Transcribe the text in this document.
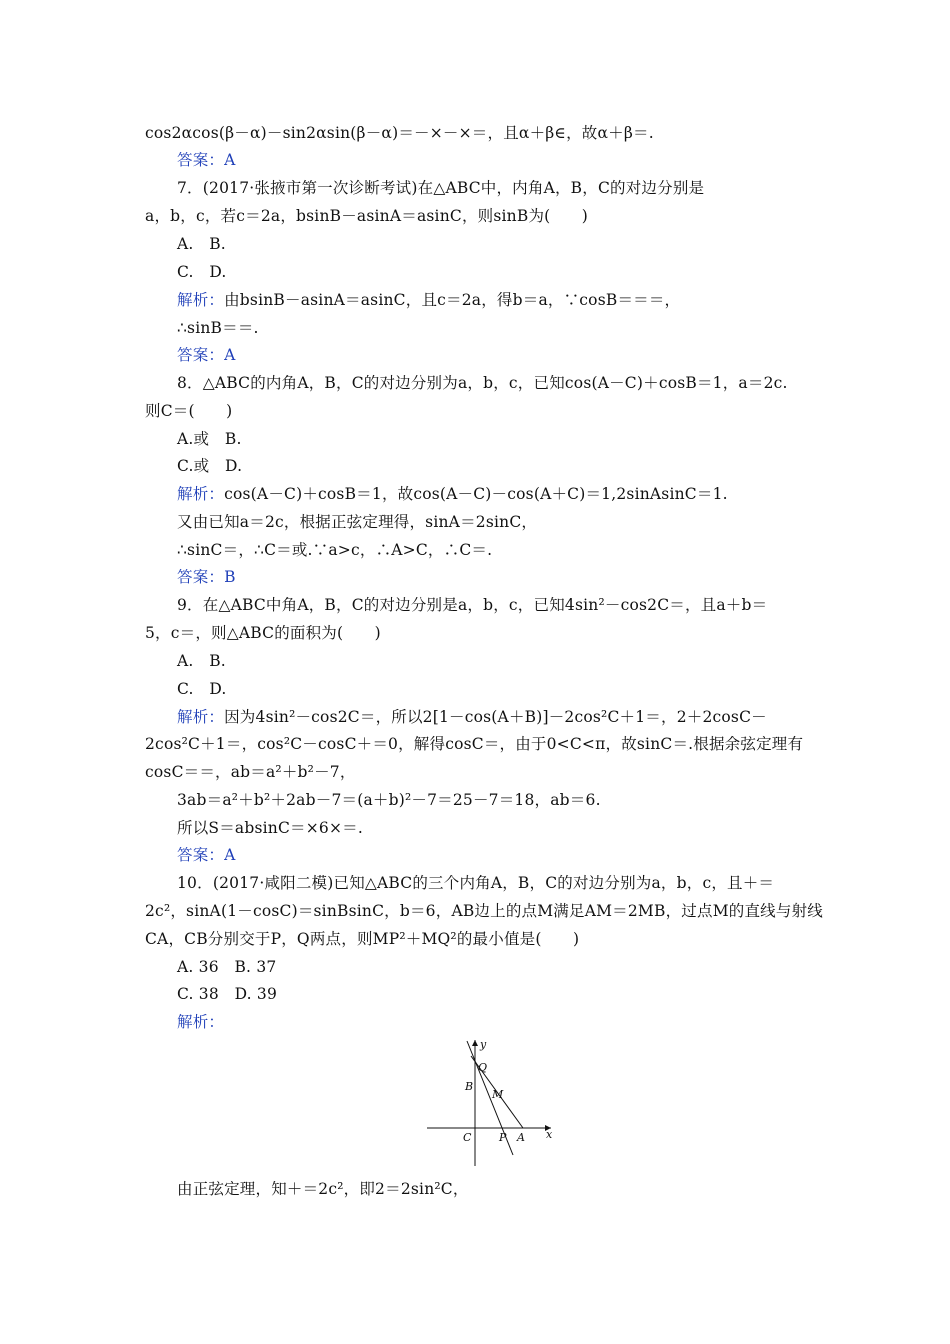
cos2αcos(β－α)－sin2αsin(β－α)＝－×－×＝，且α＋β∈，故α＋β＝.
答案：A
7．(2017·张掖市第一次诊断考试)在△ABC中，内角A，B，C的对边分别是
a，b，c，若c＝2a，bsinB－asinA＝asinC，则sinB为(　　)
A.　B.
C.　D.
解析：由bsinB－asinA＝asinC，且c＝2a，得b＝a，∵cosB＝＝＝，
∴sinB＝＝.
答案：A
8．△ABC的内角A，B，C的对边分别为a，b，c，已知cos(A－C)＋cosB＝1，a＝2c.
则C＝(　　)
A.或　B.
C.或　D.
解析：cos(A－C)＋cosB＝1，故cos(A－C)－cos(A＋C)＝1,2sinAsinC＝1.
又由已知a＝2c，根据正弦定理得，sinA＝2sinC，
∴sinC＝，∴C＝或.∵a>c，∴A>C，∴C＝.
答案：B
9．在△ABC中角A，B，C的对边分别是a，b，c，已知4sin²－cos2C＝，且a＋b＝
5，c＝，则△ABC的面积为(　　)
A.　B.
C.　D.
解析：因为4sin²－cos2C＝，所以2[1－cos(A＋B)]－2cos²C＋1＝，2＋2cosC－
2cos²C＋1＝，cos²C－cosC＋＝0，解得cosC＝，由于0<C<π，故sinC＝.根据余弦定理有
cosC＝＝，ab＝a²＋b²－7，
3ab＝a²＋b²＋2ab－7＝(a＋b)²－7＝25－7＝18，ab＝6.
所以S＝absinC＝×6×＝.
答案：A
10．(2017·咸阳二模)已知△ABC的三个内角A，B，C的对边分别为a，b，c，且＋＝
2c²，sinA(1－cosC)＝sinBsinC，b＝6，AB边上的点M满足AM＝2MB，过点M的直线与射线
CA，CB分别交于P，Q两点，则MP²＋MQ²的最小值是(　　)
A. 36　B. 37
C. 38　D. 39
解析：
y
x
Q
B
M
C	P A
由正弦定理，知＋＝2c²，即2＝2sin²C，
